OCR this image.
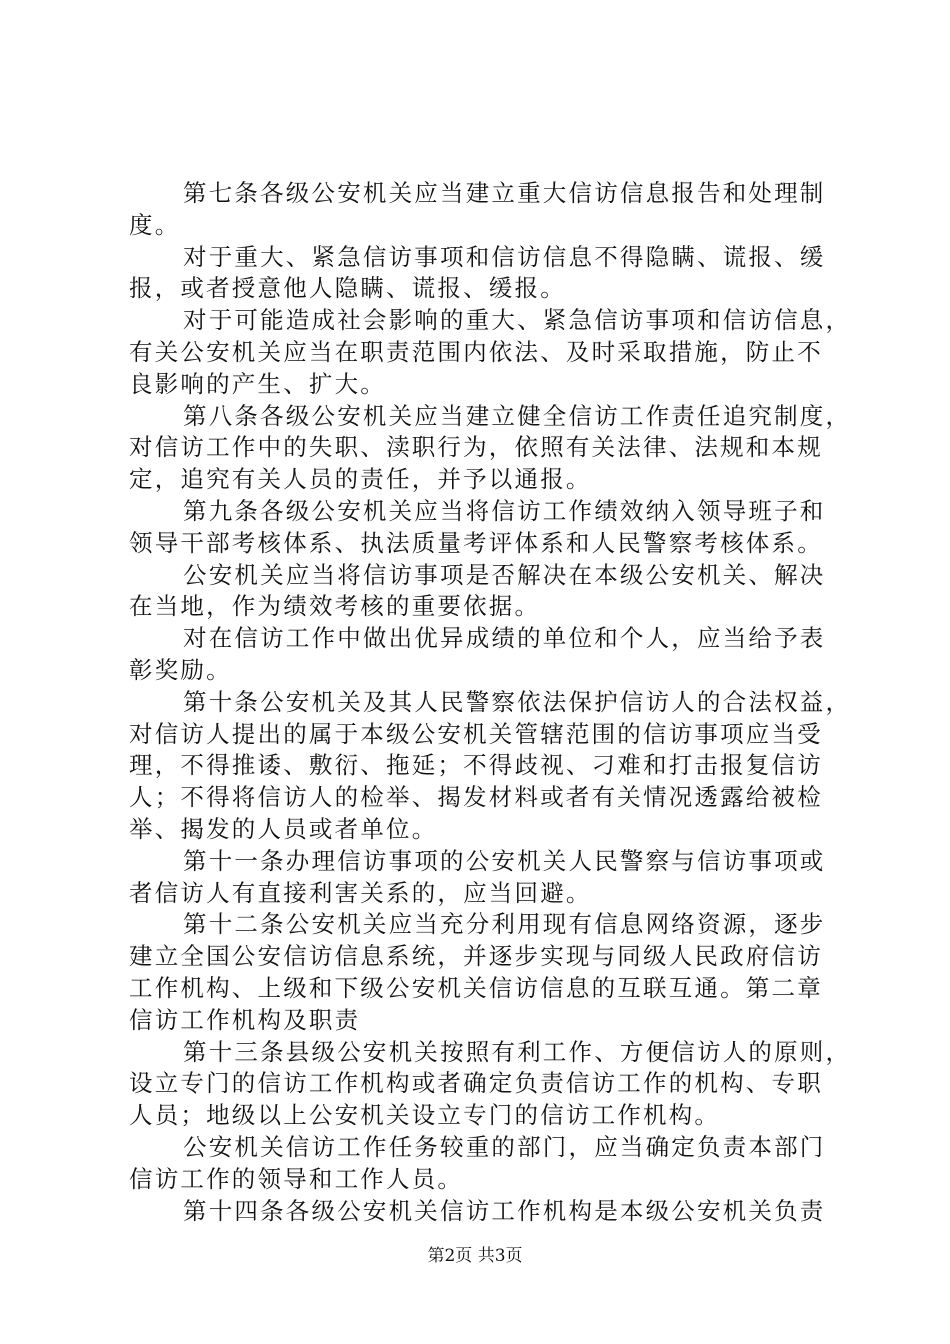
第七条各级公安机关应当建立重大信访信息报告和处理制
度。
对于重大、紧急信访事项和信访信息不得隐瞒、谎报、缓
报，或者授意他人隐瞒、谎报、缓报。
对于可能造成社会影响的重大、紧急信访事项和信访信息，
有关公安机关应当在职责范围内依法、及时采取措施，防止不
良影响的产生、扩大。
第八条各级公安机关应当建立健全信访工作责任追究制度，
对信访工作中的失职、渎职行为，依照有关法律、法规和本规
定，追究有关人员的责任，并予以通报。
第九条各级公安机关应当将信访工作绩效纳入领导班子和
领导干部考核体系、执法质量考评体系和人民警察考核体系。
公安机关应当将信访事项是否解决在本级公安机关、解决
在当地，作为绩效考核的重要依据。
对在信访工作中做出优异成绩的单位和个人，应当给予表
彰奖励。
第十条公安机关及其人民警察依法保护信访人的合法权益，
对信访人提出的属于本级公安机关管辖范围的信访事项应当受
理，不得推诿、敷衍、拖延；不得歧视、刁难和打击报复信访
人；不得将信访人的检举、揭发材料或者有关情况透露给被检
举、揭发的人员或者单位。
第十一条办理信访事项的公安机关人民警察与信访事项或
者信访人有直接利害关系的，应当回避。
第十二条公安机关应当充分利用现有信息网络资源，逐步
建立全国公安信访信息系统，并逐步实现与同级人民政府信访
工作机构、上级和下级公安机关信访信息的互联互通。第二章
信访工作机构及职责
第十三条县级公安机关按照有利工作、方便信访人的原则，
设立专门的信访工作机构或者确定负责信访工作的机构、专职
人员；地级以上公安机关设立专门的信访工作机构。
公安机关信访工作任务较重的部门，应当确定负责本部门
信访工作的领导和工作人员。
第十四条各级公安机关信访工作机构是本级公安机关负责
第2页 共3页
